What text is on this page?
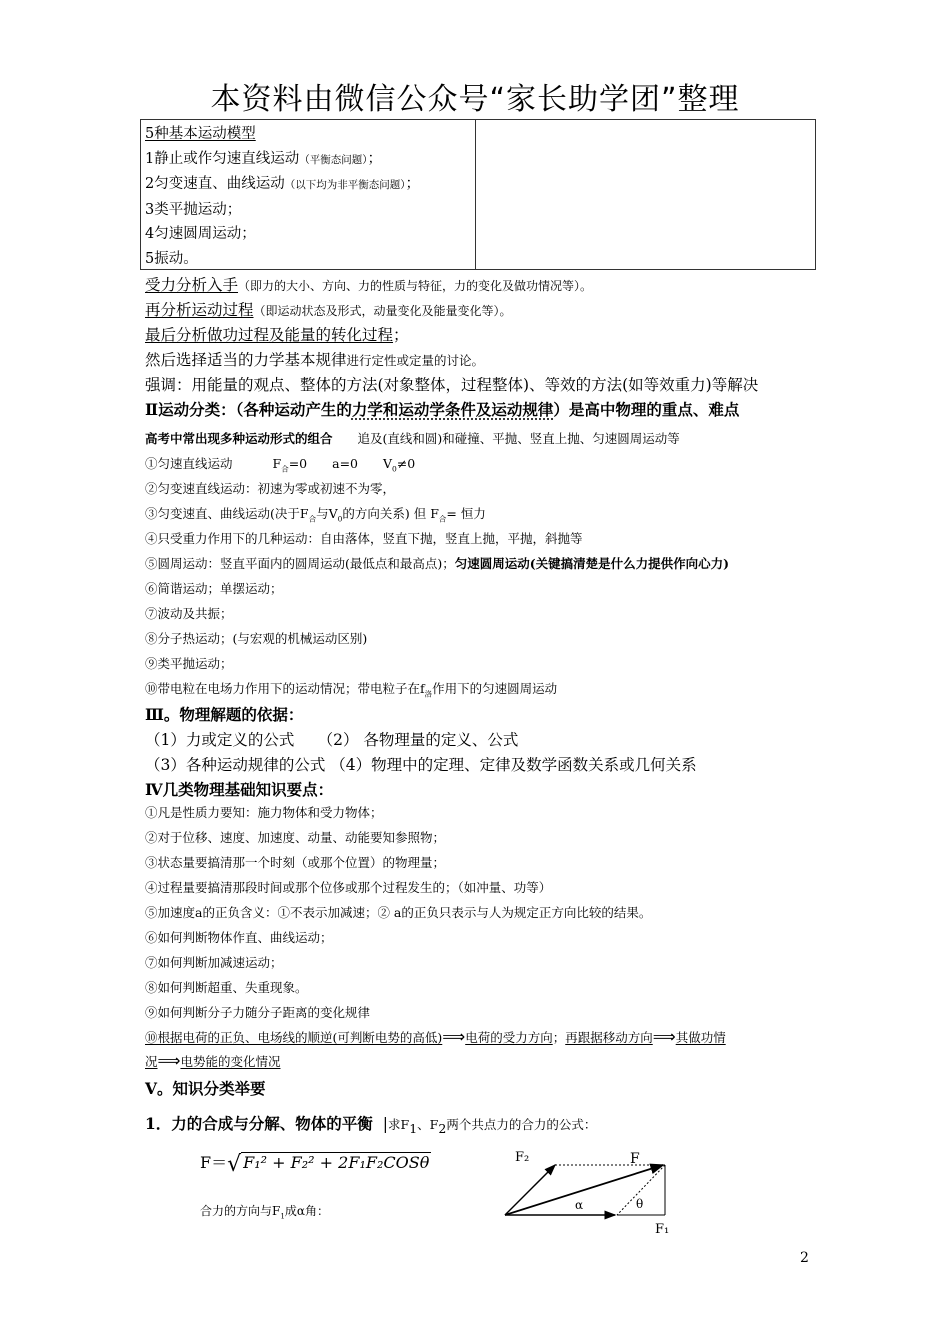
本资料由微信公众号“家长助学团”整理
5种基本运动模型
1静止或作匀速直线运动（平衡态问题）；
2匀变速直、曲线运动（以下均为非平衡态问题）；
3类平抛运动；
4匀速圆周运动；
5振动。
受力分析入手（即力的大小、方向、力的性质与特征，力的变化及做功情况等）。
再分析运动过程（即运动状态及形式，动量变化及能量变化等）。
最后分析做功过程及能量的转化过程；
然后选择适当的力学基本规律进行定性或定量的讨论。
强调：用能量的观点、整体的方法(对象整体，过程整体)、等效的方法(如等效重力)等解决
Ⅱ运动分类：（各种运动产生的力学和运动学条件及运动规律）是高中物理的重点、难点
高考中常出现多种运动形式的组合　　追及(直线和圆)和碰撞、平抛、竖直上抛、匀速圆周运动等
①匀速直线运动	$F_合=0$　　a=0　　$V_0\ne 0$
②匀变速直线运动：初速为零或初速不为零，
③匀变速直、曲线运动(决于$F_合$与$V_0$的方向关系) 但 $F_合=$ 恒力
④只受重力作用下的几种运动：自由落体，竖直下抛，竖直上抛，平抛，斜抛等
⑤圆周运动：竖直平面内的圆周运动(最低点和最高点)；匀速圆周运动(关键搞清楚是什么力提供作向心力)
⑥简谐运动；单摆运动；
⑦波动及共振；
⑧分子热运动；(与宏观的机械运动区别)
⑨类平抛运动；
⑩带电粒在电场力作用下的运动情况；带电粒子在$f_洛$作用下的匀速圆周运动
Ⅲ。物理解题的依据：
（1）力或定义的公式　　（2） 各物理量的定义、公式
（3）各种运动规律的公式 （4）物理中的定理、定律及数学函数关系或几何关系
Ⅳ几类物理基础知识要点：
①凡是性质力要知：施力物体和受力物体；
②对于位移、速度、加速度、动量、动能要知参照物；
③状态量要搞清那一个时刻（或那个位置）的物理量；
④过程量要搞清那段时间或那个位侈或那个过程发生的；（如冲量、功等）
⑤加速度a的正负含义：①不表示加减速；② a的正负只表示与人为规定正方向比较的结果。
⑥如何判断物体作直、曲线运动；
⑦如何判断加减速运动；
⑧如何判断超重、失重现象。
⑨如何判断分子力随分子距离的变化规律
⑩根据电荷的正负、电场线的顺逆(可判断电势的高低)⟹电荷的受力方向；再跟据移动方向⟹其做功情
况⟹电势能的变化情况
V。知识分类举要
1．力的合成与分解、物体的平衡 |求$F_1$、$F_2$两个共点力的合力的公式：
F＝√ F₁² + F₂² + 2F₁F₂COSθ
合力的方向与$F_1$成α角：
F₂	F
F₁
α	θ
2
